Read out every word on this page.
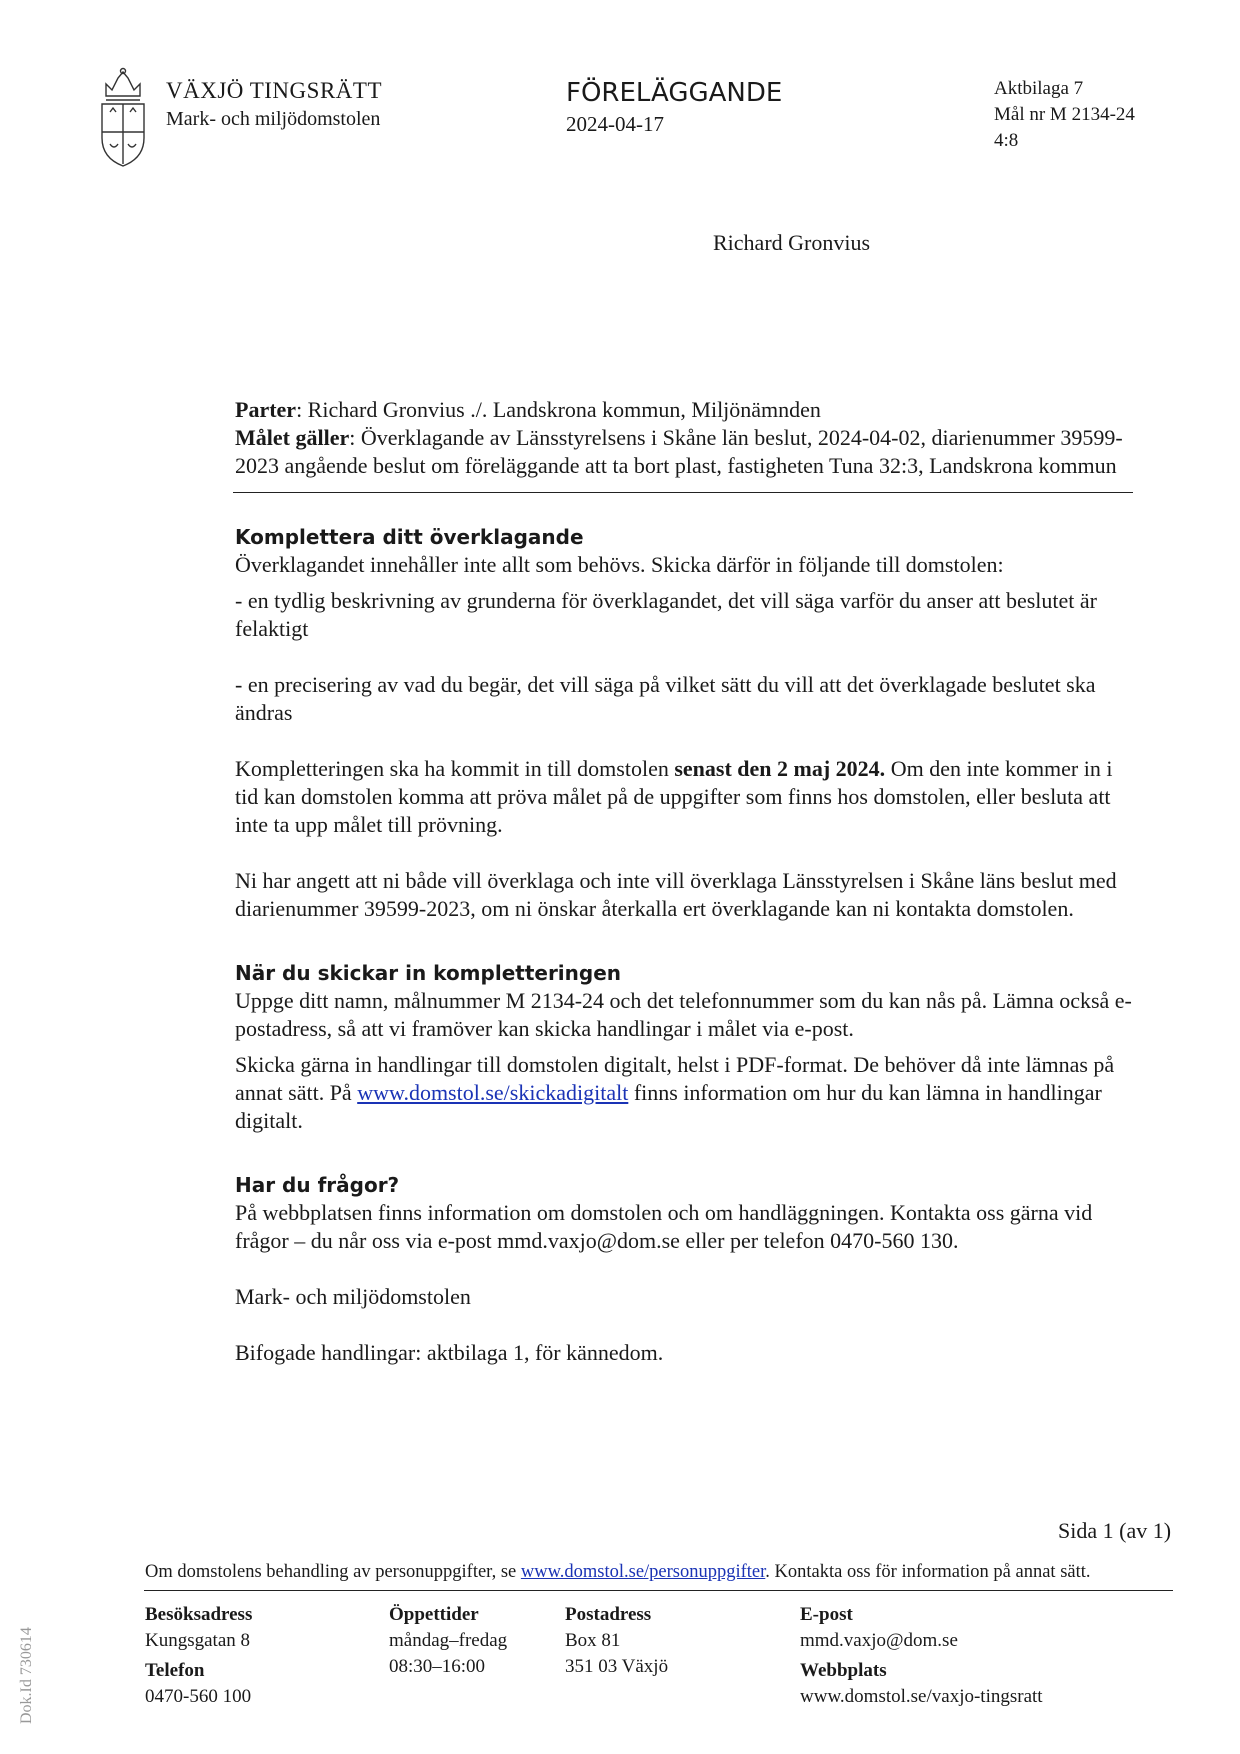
VÄXJÖ TINGSRÄTT
Mark- och miljödomstolen
FÖRELÄGGANDE
2024-04-17
Aktbilaga 7
Mål nr M 2134-24
4:8
Richard Gronvius

Parter: Richard Gronvius ./. Landskrona kommun, Miljönämnden

Målet gäller: Överklagande av Länsstyrelsens i Skåne län beslut, 2024-04-02, diarienummer 39599-2023 angående beslut om föreläggande att ta bort plast, fastigheten Tuna 32:3, Landskrona kommun

Komplettera ditt överklagande

Överklagandet innehåller inte allt som behövs. Skicka därför in följande till domstolen:

- en tydlig beskrivning av grunderna för överklagandet, det vill säga varför du anser att beslutet är felaktigt

- en precisering av vad du begär, det vill säga på vilket sätt du vill att det överklagade beslutet ska ändras

Kompletteringen ska ha kommit in till domstolen senast den 2 maj 2024. Om den inte kommer in i tid kan domstolen komma att pröva målet på de uppgifter som finns hos domstolen, eller besluta att inte ta upp målet till prövning.

Ni har angett att ni både vill överklaga och inte vill överklaga Länsstyrelsen i Skåne läns beslut med diarienummer 39599-2023, om ni önskar återkalla ert överklagande kan ni kontakta domstolen.

När du skickar in kompletteringen

Uppge ditt namn, målnummer M 2134-24 och det telefonnummer som du kan nås på. Lämna också e-postadress, så att vi framöver kan skicka handlingar i målet via e-post.

Skicka gärna in handlingar till domstolen digitalt, helst i PDF-format. De behöver då inte lämnas på annat sätt. På www.domstol.se/skickadigitalt finns information om hur du kan lämna in handlingar digitalt.

Har du frågor?

På webbplatsen finns information om domstolen och om handläggningen. Kontakta oss gärna vid frågor – du når oss via e-post mmd.vaxjo@dom.se eller per telefon 0470-560 130.

Mark- och miljödomstolen

Bifogade handlingar: aktbilaga 1, för kännedom.

Sida 1 (av 1)
Om domstolens behandling av personuppgifter, se www.domstol.se/personuppgifter. Kontakta oss för information på annat sätt.
Besöksadress
Kungsgatan 8
Telefon
0470-560 100
Öppettider
måndag–fredag
08:30–16:00
Postadress
Box 81
351 03 Växjö
E-post
mmd.vaxjo@dom.se
Webbplats
www.domstol.se/vaxjo-tingsratt
Dok.Id 730614
